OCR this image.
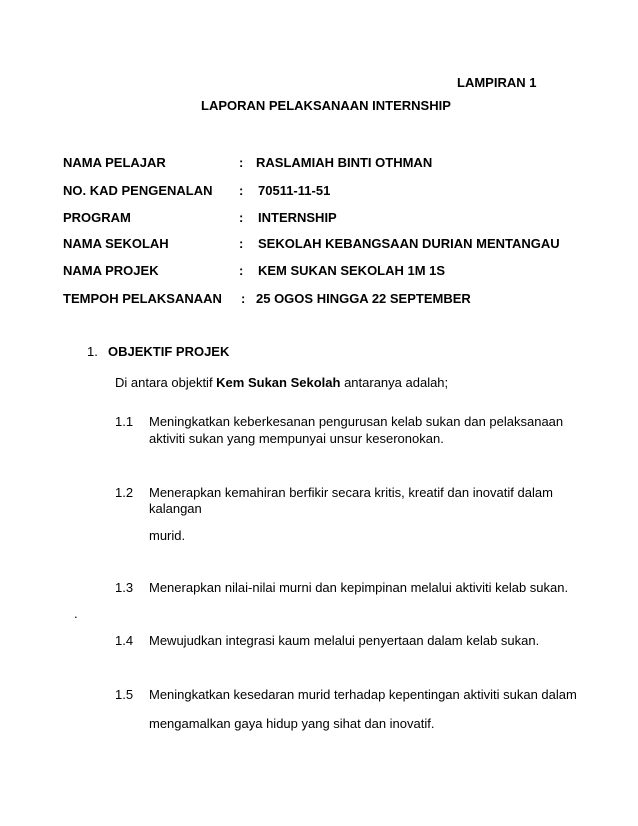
LAMPIRAN 1
LAPORAN PELAKSANAAN INTERNSHIP
NAMA PELAJAR	: RASLAMIAH BINTI OTHMAN
NO. KAD PENGENALAN : 70511-11-51
PROGRAM	: INTERNSHIP
NAMA SEKOLAH	: SEKOLAH KEBANGSAAN DURIAN MENTANGAU
NAMA PROJEK	: KEM SUKAN SEKOLAH 1M 1S
TEMPOH PELAKSANAAN : 25 OGOS HINGGA 22 SEPTEMBER
1. OBJEKTIF PROJEK
Di antara objektif Kem Sukan Sekolah antaranya adalah;
1.1 Meningkatkan keberkesanan pengurusan kelab sukan dan pelaksanaan
aktiviti sukan yang mempunyai unsur keseronokan.
1.2 Menerapkan kemahiran berfikir secara kritis, kreatif dan inovatif dalam
kalangan
murid.
1.3 Menerapkan nilai-nilai murni dan kepimpinan melalui aktiviti kelab sukan.
.
1.4 Mewujudkan integrasi kaum melalui penyertaan dalam kelab sukan.
1.5 Meningkatkan kesedaran murid terhadap kepentingan aktiviti sukan dalam
mengamalkan gaya hidup yang sihat dan inovatif.
